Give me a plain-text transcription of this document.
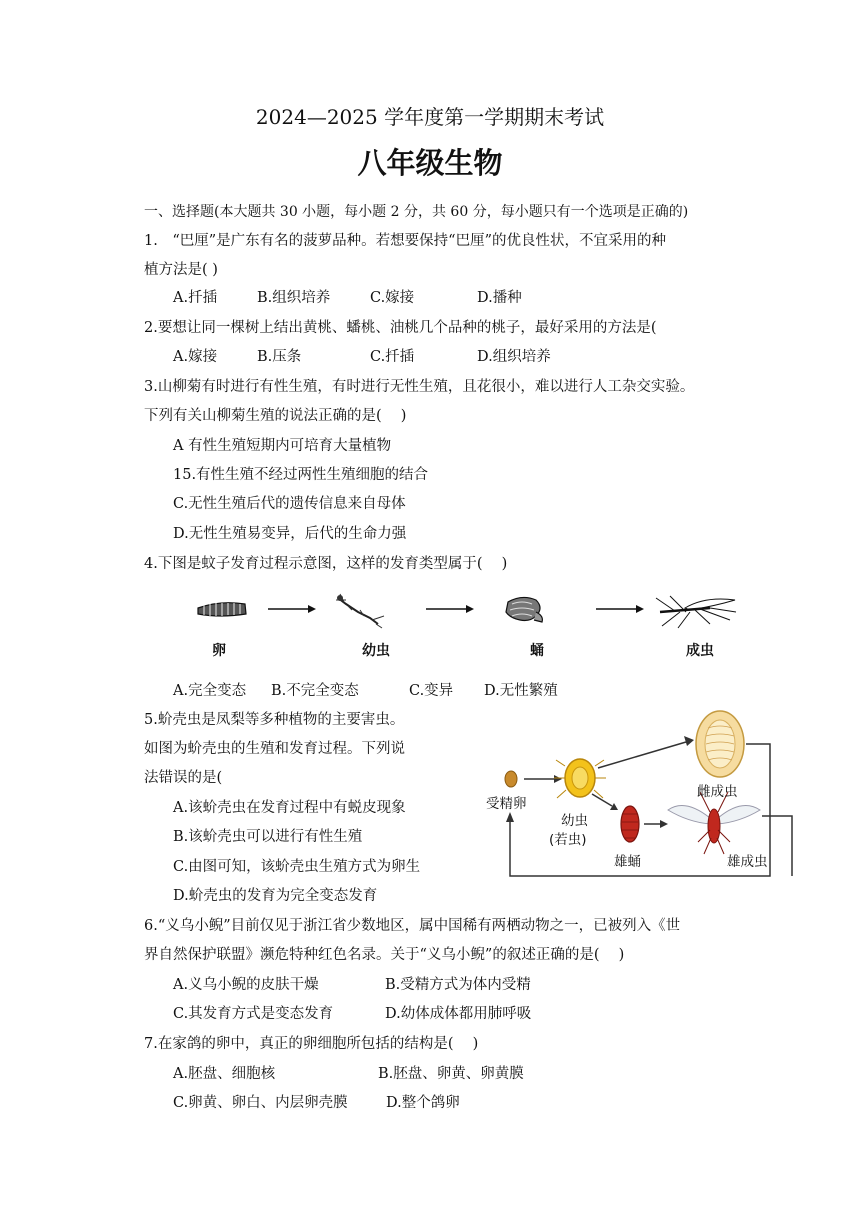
2024—2025 学年度第一学期期末考试
八年级生物
一、选择题(本大题共 30 小题，每小题 2 分，共 60 分，每小题只有一个选项是正确的)
1.　“巴厘”是广东有名的菠萝品种。若想要保持“巴厘”的优良性状，不宜采用的种
植方法是( )
A.扦插	B.组织培养	C.嫁接	D.播种
2.要想让同一棵树上结出黄桃、蟠桃、油桃几个品种的桃子，最好采用的方法是(
A.嫁接	B.压条	C.扦插	D.组织培养
3.山柳菊有时进行有性生殖，有时进行无性生殖，且花很小，难以进行人工杂交实验。
下列有关山柳菊生殖的说法正确的是(　 )
A 有性生殖短期内可培育大量植物
15.有性生殖不经过两性生殖细胞的结合
C.无性生殖后代的遗传信息来自母体
D.无性生殖易变异，后代的生命力强
4.下图是蚊子发育过程示意图，这样的发育类型属于(　 )
卵	幼虫	蛹	成虫
A.完全变态 B.不完全变态	C.变异 D.无性繁殖
5.蚧壳虫是凤梨等多种植物的主要害虫。
如图为蚧壳虫的生殖和发育过程。下列说
法错误的是(
A.该蚧壳虫在发育过程中有蜕皮现象
B.该蚧壳虫可以进行有性生殖
C.由图可知，该蚧壳虫生殖方式为卵生
D.蚧壳虫的发育为完全变态发育
受精卵
幼虫
(若虫)
雌成虫
雄蛹	雄成虫
6.“义乌小鲵”目前仅见于浙江省少数地区，属中国稀有两栖动物之一，已被列入《世
界自然保护联盟》濒危特种红色名录。关于“义乌小鲵”的叙述正确的是(　 )
A.义乌小鲵的皮肤干燥	B.受精方式为体内受精
C.其发育方式是变态发育	D.幼体成体都用肺呼吸
7.在家鸽的卵中，真正的卵细胞所包括的结构是(　 )
A.胚盘、细胞核	B.胚盘、卵黄、卵黄膜
C.卵黄、卵白、内层卵壳膜	D.整个鸽卵
